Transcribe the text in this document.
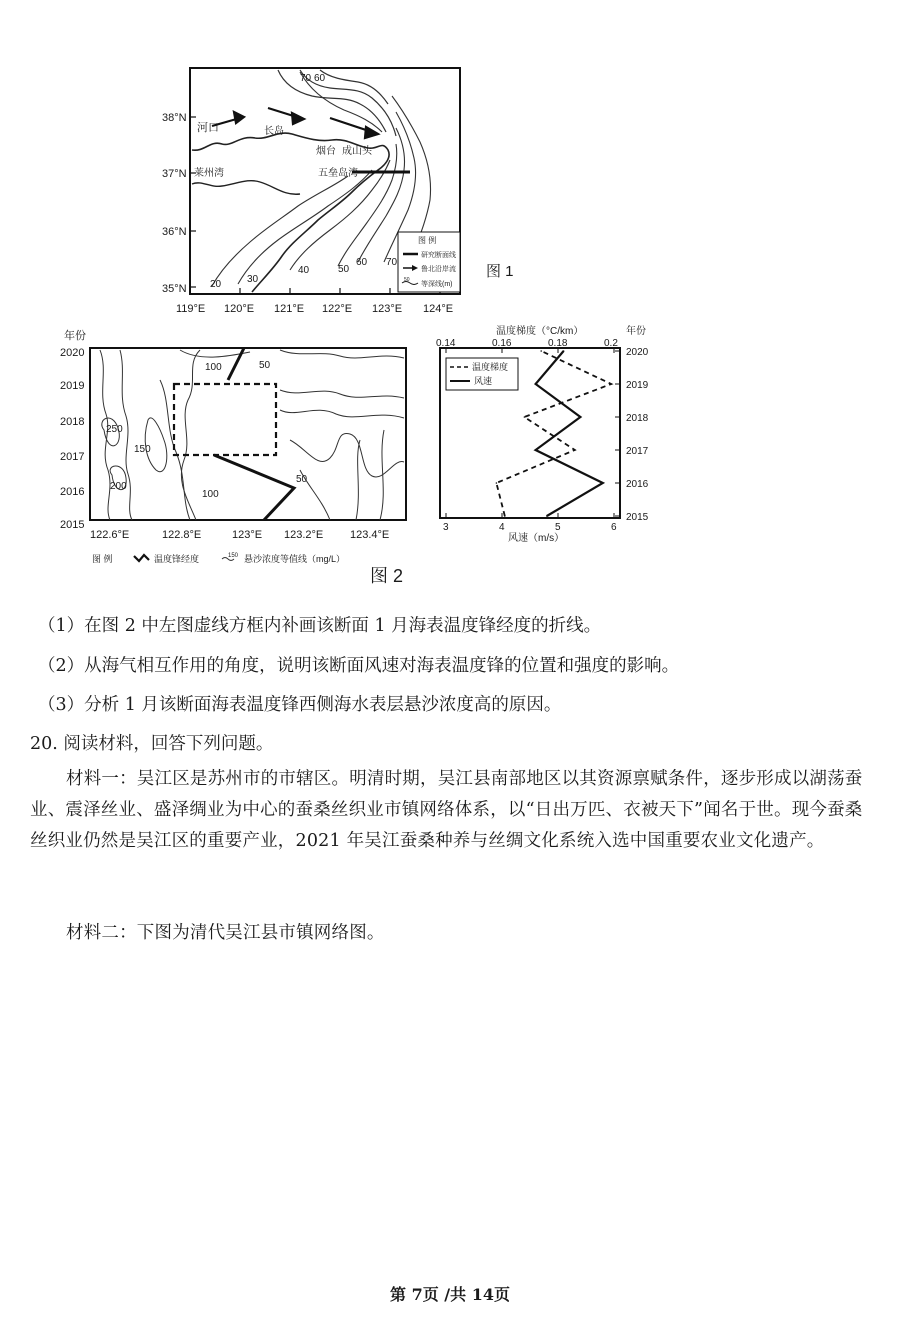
38°N
37°N
36°N
35°N
119°E 120°E 121°E 122°E 123°E 124°E
河口	长岛
烟台 成山头
莱州湾	五垒岛湾
20	30
40	50
60 70
70 60
图 例
研究断面线
鲁北沿岸流
50
等深线(m)
图 1
年份
2020
2019
2018
2017
2016
2015
122.6°E	122.8°E	123°E 123.2°E 123.4°E
100	50
250
150
200
100
50
图 例	温度锋经度	150 悬沙浓度等值线（mg/L）
温度梯度（°C/km）	年份
0.14	0.16	0.18	0.2
3	4	5	6
2020
2019
2018
2017
2016
2015
风速（m/s）
温度梯度
风速
图 2
（1）在图 2 中左图虚线方框内补画该断面 1 月海表温度锋经度的折线。
（2）从海气相互作用的角度，说明该断面风速对海表温度锋的位置和强度的影响。
（3）分析 1 月该断面海表温度锋西侧海水表层悬沙浓度高的原因。
20. 阅读材料，回答下列问题。
材料一：吴江区是苏州市的市辖区。明清时期，吴江县南部地区以其资源禀赋条件，逐步形成以湖荡蚕业、震泽丝业、盛泽绸业为中心的蚕桑丝织业市镇网络体系，以“日出万匹、衣被天下”闻名于世。现今蚕桑丝织业仍然是吴江区的重要产业，2021 年吴江蚕桑种养与丝绸文化系统入选中国重要农业文化遗产。
材料二：下图为清代吴江县市镇网络图。
第 7页 /共 14页
